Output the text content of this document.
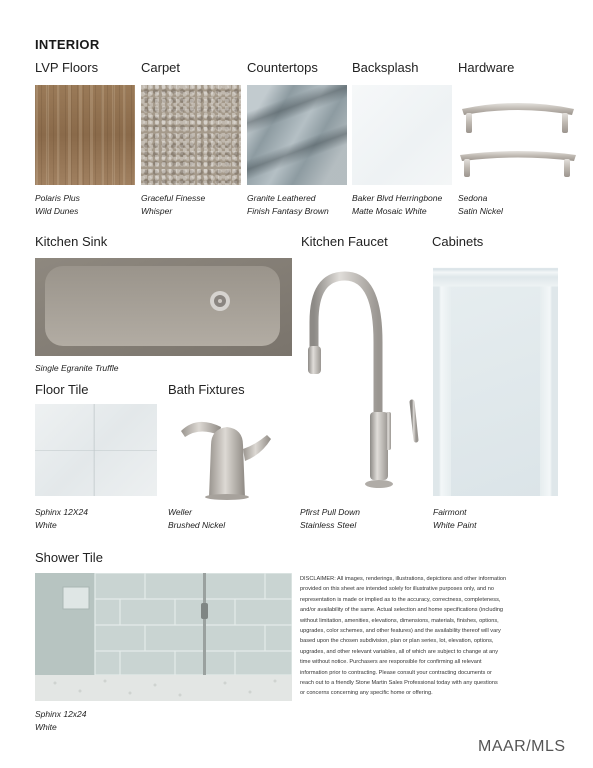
INTERIOR
LVP Floors	Carpet	Countertops	Backsplash	Hardware
Polaris Plus
Wild Dunes
Graceful Finesse
Whisper
Granite Leathered
Finish Fantasy Brown
Baker Blvd Herringbone
Matte Mosaic White
Sedona
Satin Nickel
Kitchen Sink	Kitchen Faucet	Cabinets
Single Egranite Truffle
Floor Tile	Bath Fixtures
Sphinx 12X24
White
Weller
Brushed Nickel
Pfirst Pull Down
Stainless Steel
Fairmont
White Paint
Shower Tile
Sphinx 12x24
White
DISCLAIMER: All images, renderings, illustrations, depictions and other information
provided on this sheet are intended solely for illustrative purposes only, and no
representation is made or implied as to the accuracy, correctness, completeness,
and/or availability of the same. Actual selection and home specifications (including
without limitation, amenities, elevations, dimensions, materials, finishes, options,
upgrades, color schemes, and other features) and the availability thereof will vary
based upon the chosen subdivision, plan or plan series, lot, elevation, options,
upgrades, and other relevant variables, all of which are subject to change at any
time without notice. Purchasers are responsible for confirming all relevant
information prior to contracting. Please consult your contracting documents or
reach out to a friendly Stone Martin Sales Professional today with any questions
or concerns concerning any specific home or offering.
MAAR/MLS
